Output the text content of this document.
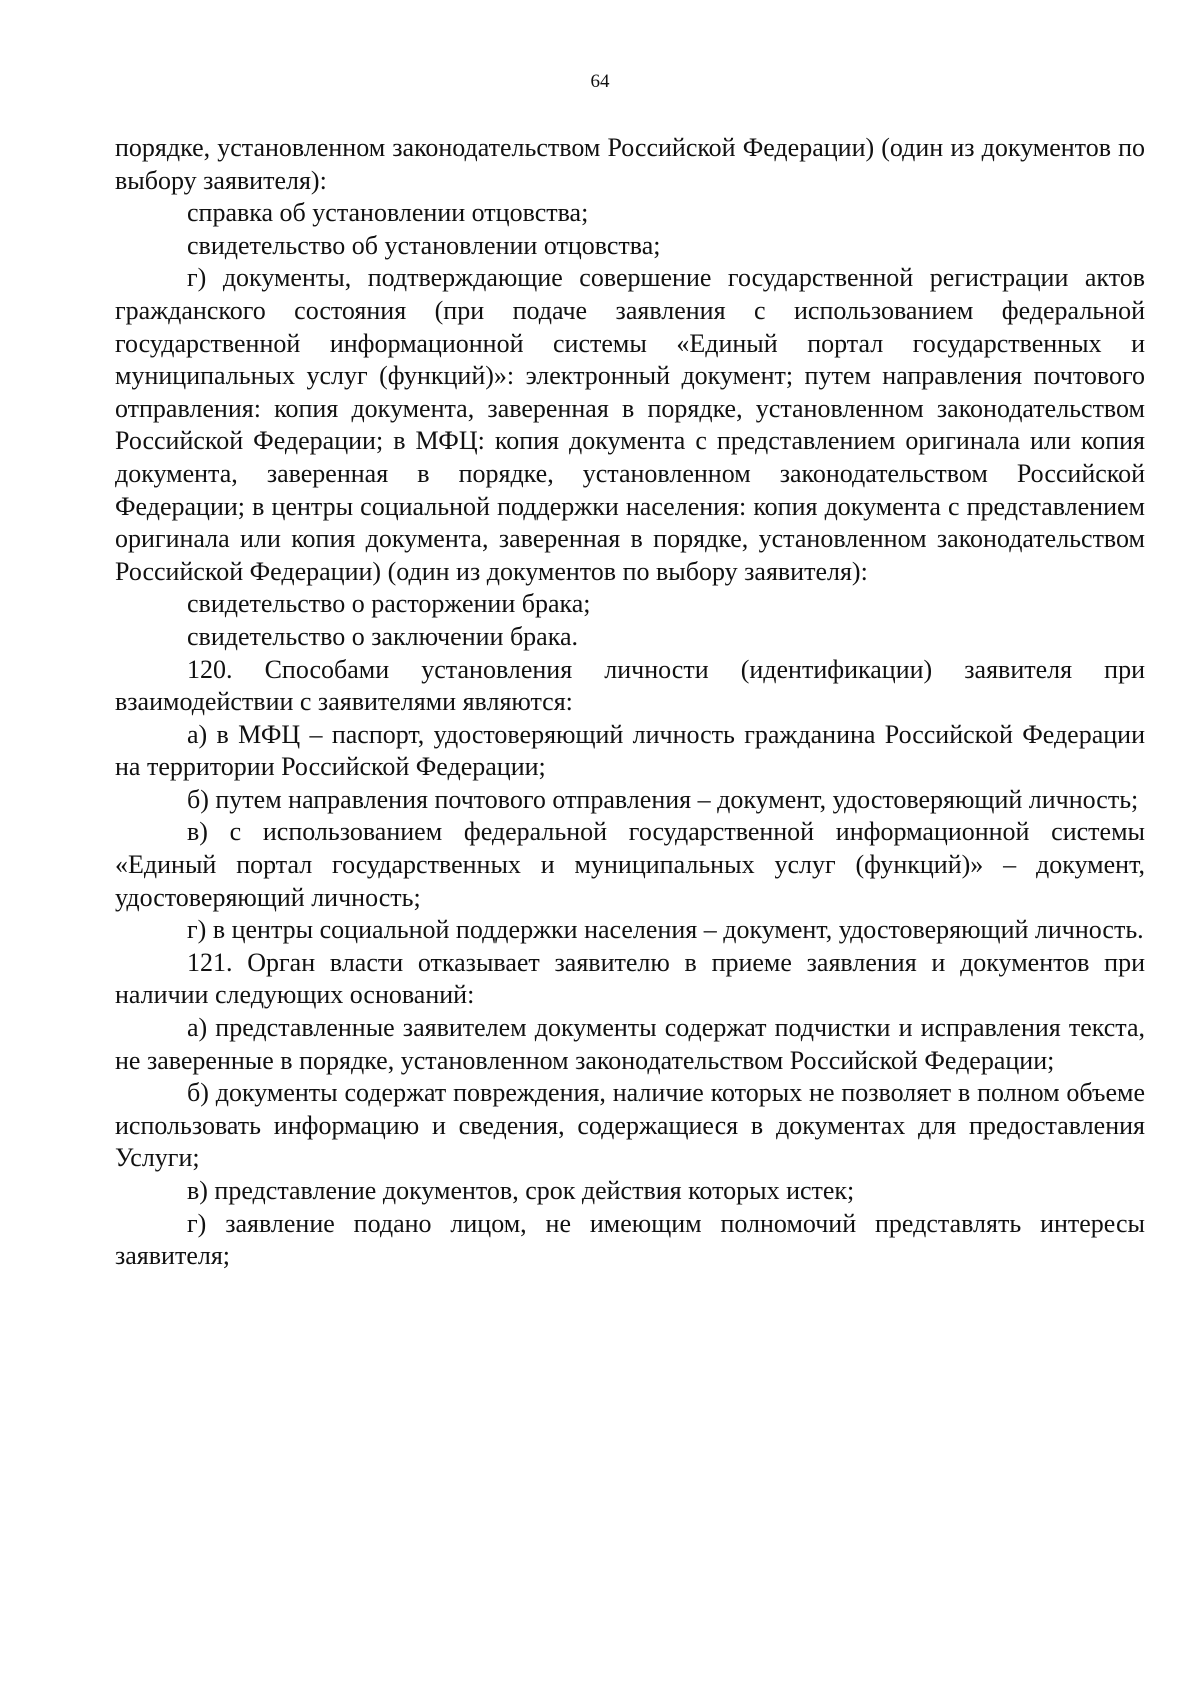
64

порядке, установленном законодательством Российской Федерации) (один из документов по выбору заявителя):

справка об установлении отцовства;

свидетельство об установлении отцовства;

г) документы, подтверждающие совершение государственной регистрации актов гражданского состояния (при подаче заявления с использованием федеральной государственной информационной системы «Единый портал государственных и муниципальных услуг (функций)»: электронный документ; путем направления почтового отправления: копия документа, заверенная в порядке, установленном законодательством Российской Федерации; в МФЦ: копия документа с представлением оригинала или копия документа, заверенная в порядке, установленном законодательством Российской Федерации; в центры социальной поддержки населения: копия документа с представлением оригинала или копия документа, заверенная в порядке, установленном законодательством Российской Федерации) (один из документов по выбору заявителя):

свидетельство о расторжении брака;

свидетельство о заключении брака.

120. Способами установления личности (идентификации) заявителя при взаимодействии с заявителями являются:

а) в МФЦ – паспорт, удостоверяющий личность гражданина Российской Федерации на территории Российской Федерации;

б) путем направления почтового отправления – документ, удостоверяющий личность;

в) с использованием федеральной государственной информационной системы «Единый портал государственных и муниципальных услуг (функций)» – документ, удостоверяющий личность;

г) в центры социальной поддержки населения – документ, удостоверяющий личность.

121. Орган власти отказывает заявителю в приеме заявления и документов при наличии следующих оснований:

а) представленные заявителем документы содержат подчистки и исправления текста, не заверенные в порядке, установленном законодательством Российской Федерации;

б) документы содержат повреждения, наличие которых не позволяет в полном объеме использовать информацию и сведения, содержащиеся в документах для предоставления Услуги;

в) представление документов, срок действия которых истек;

г) заявление подано лицом, не имеющим полномочий представлять интересы заявителя;
